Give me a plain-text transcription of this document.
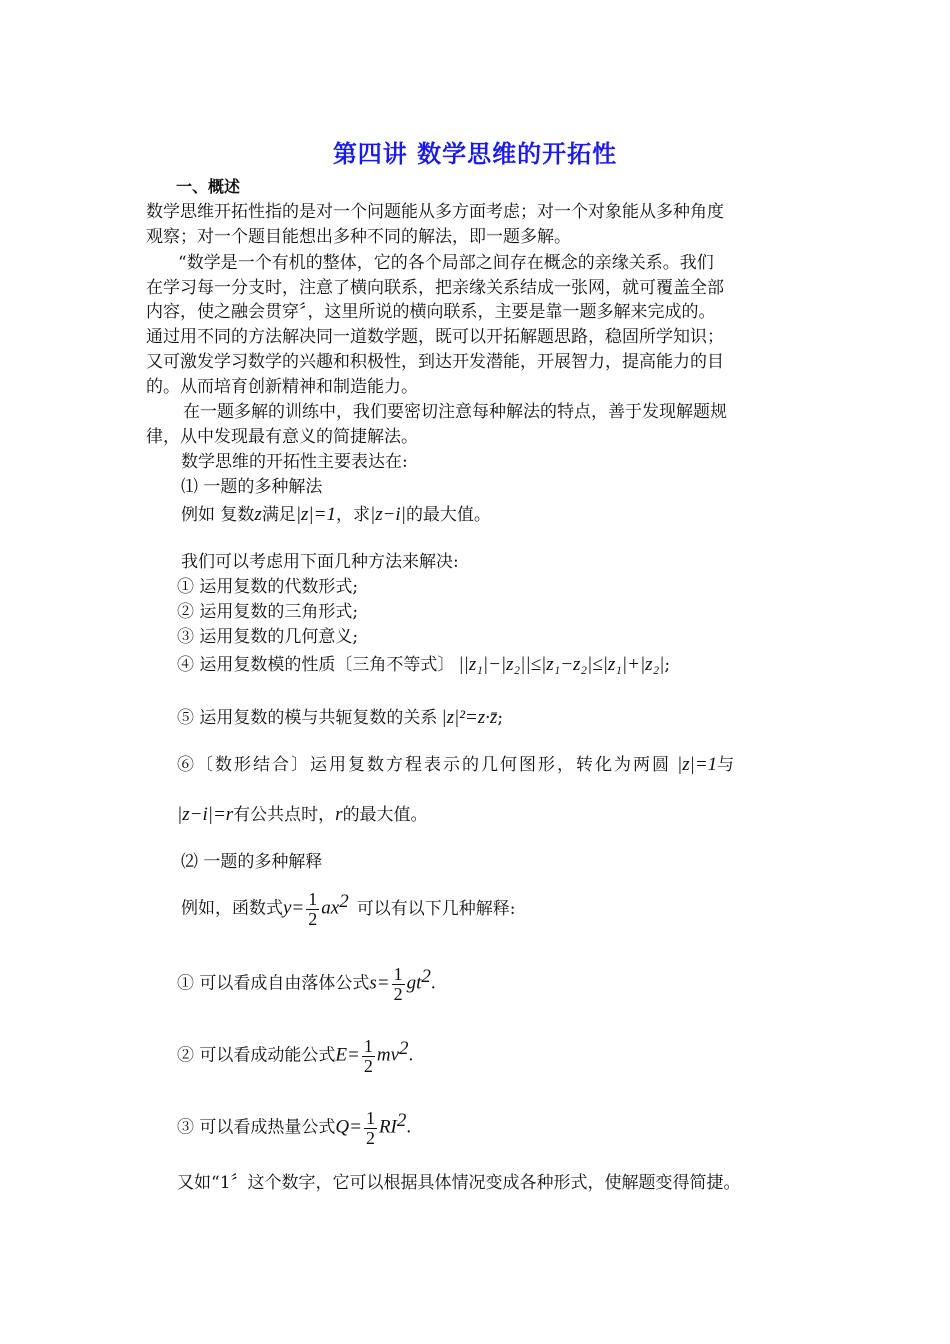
第四讲 数学思维的开拓性
一、概述
数学思维开拓性指的是对一个问题能从多方面考虑；对一个对象能从多种角度
观察；对一个题目能想出多种不同的解法，即一题多解。
“数学是一个有机的整体，它的各个局部之间存在概念的亲缘关系。我们
在学习每一分支时，注意了横向联系，把亲缘关系结成一张网，就可覆盖全部
内容，使之融会贯穿〞，这里所说的横向联系，主要是靠一题多解来完成的。
通过用不同的方法解决同一道数学题，既可以开拓解题思路，稳固所学知识；
又可激发学习数学的兴趣和积极性，到达开发潜能，开展智力，提高能力的目
的。从而培育创新精神和制造能力。
在一题多解的训练中，我们要密切注意每种解法的特点，善于发现解题规
律，从中发现最有意义的简捷解法。
数学思维的开拓性主要表达在:
⑴ 一题的多种解法
例如 复数z满足|z|=1，求|z−i|的最大值。
我们可以考虑用下面几种方法来解决:
① 运用复数的代数形式;
② 运用复数的三角形式;
③ 运用复数的几何意义;
④ 运用复数模的性质〔三角不等式〕 ||z₁|−|z₂||≤|z₁−z₂|≤|z₁|+|z₂|;
⑤ 运用复数的模与共轭复数的关系 |z|²=z·z̄;
⑥〔数形结合〕运用复数方程表示的几何图形，转化为两圆 |z|=1与
|z−i|=r有公共点时，r的最大值。
⑵ 一题的多种解释
例如，函数式$y= \frac{1}{2} ax^2$ 可以有以下几种解释:
① 可以看成自由落体公式$s= \frac{1}{2} gt^2$.
② 可以看成动能公式$E= \frac{1}{2} mv^2$.
③ 可以看成热量公式$Q= \frac{1}{2} RI^2$.
又如“1〞这个数字，它可以根据具体情况变成各种形式，使解题变得简捷。
